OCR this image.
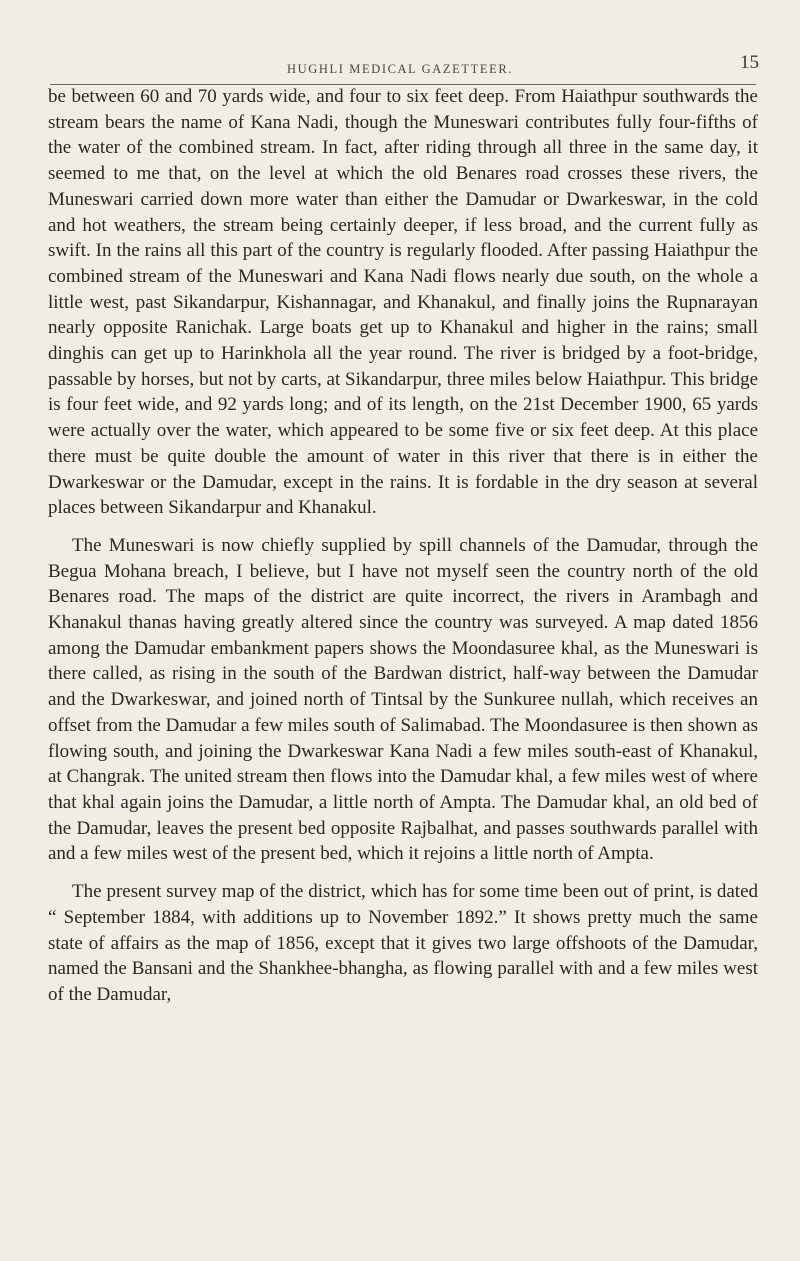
HUGHLI MEDICAL GAZETTEER.	15

be between 60 and 70 yards wide, and four to six feet deep. From Haiathpur southwards the stream bears the name of Kana Nadi, though the Muneswari contributes fully four-fifths of the water of the combined stream. In fact, after riding through all three in the same day, it seemed to me that, on the level at which the old Benares road crosses these rivers, the Muneswari carried down more water than either the Damudar or Dwarkeswar, in the cold and hot weathers, the stream being certainly deeper, if less broad, and the current fully as swift. In the rains all this part of the country is regularly flooded. After passing Haiathpur the combined stream of the Muneswari and Kana Nadi flows nearly due south, on the whole a little west, past Sikandarpur, Kishannagar, and Khanakul, and finally joins the Rupnarayan nearly opposite Ranichak. Large boats get up to Khanakul and higher in the rains; small dinghis can get up to Harinkhola all the year round. The river is bridged by a foot-bridge, passable by horses, but not by carts, at Sikandarpur, three miles below Haiathpur. This bridge is four feet wide, and 92 yards long; and of its length, on the 21st December 1900, 65 yards were actually over the water, which appeared to be some five or six feet deep. At this place there must be quite double the amount of water in this river that there is in either the Dwarkeswar or the Damudar, except in the rains. It is fordable in the dry season at several places between Sikandarpur and Khanakul.

The Muneswari is now chiefly supplied by spill channels of the Damudar, through the Begua Mohana breach, I believe, but I have not myself seen the country north of the old Benares road. The maps of the district are quite incorrect, the rivers in Arambagh and Khanakul thanas having greatly altered since the country was surveyed. A map dated 1856 among the Damudar embankment papers shows the Moondasuree khal, as the Muneswari is there called, as rising in the south of the Bardwan district, half-way between the Damudar and the Dwarkeswar, and joined north of Tintsal by the Sunkuree nullah, which receives an offset from the Damudar a few miles south of Salimabad. The Moondasuree is then shown as flowing south, and joining the Dwarkeswar Kana Nadi a few miles south-east of Khanakul, at Changrak. The united stream then flows into the Damudar khal, a few miles west of where that khal again joins the Damudar, a little north of Ampta. The Damudar khal, an old bed of the Damudar, leaves the present bed opposite Rajbalhat, and passes southwards parallel with and a few miles west of the present bed, which it rejoins a little north of Ampta.

The present survey map of the district, which has for some time been out of print, is dated “ September 1884, with additions up to November 1892.” It shows pretty much the same state of affairs as the map of 1856, except that it gives two large offshoots of the Damudar, named the Bansani and the Shankhee-bhangha, as flowing parallel with and a few miles west of the Damudar,
